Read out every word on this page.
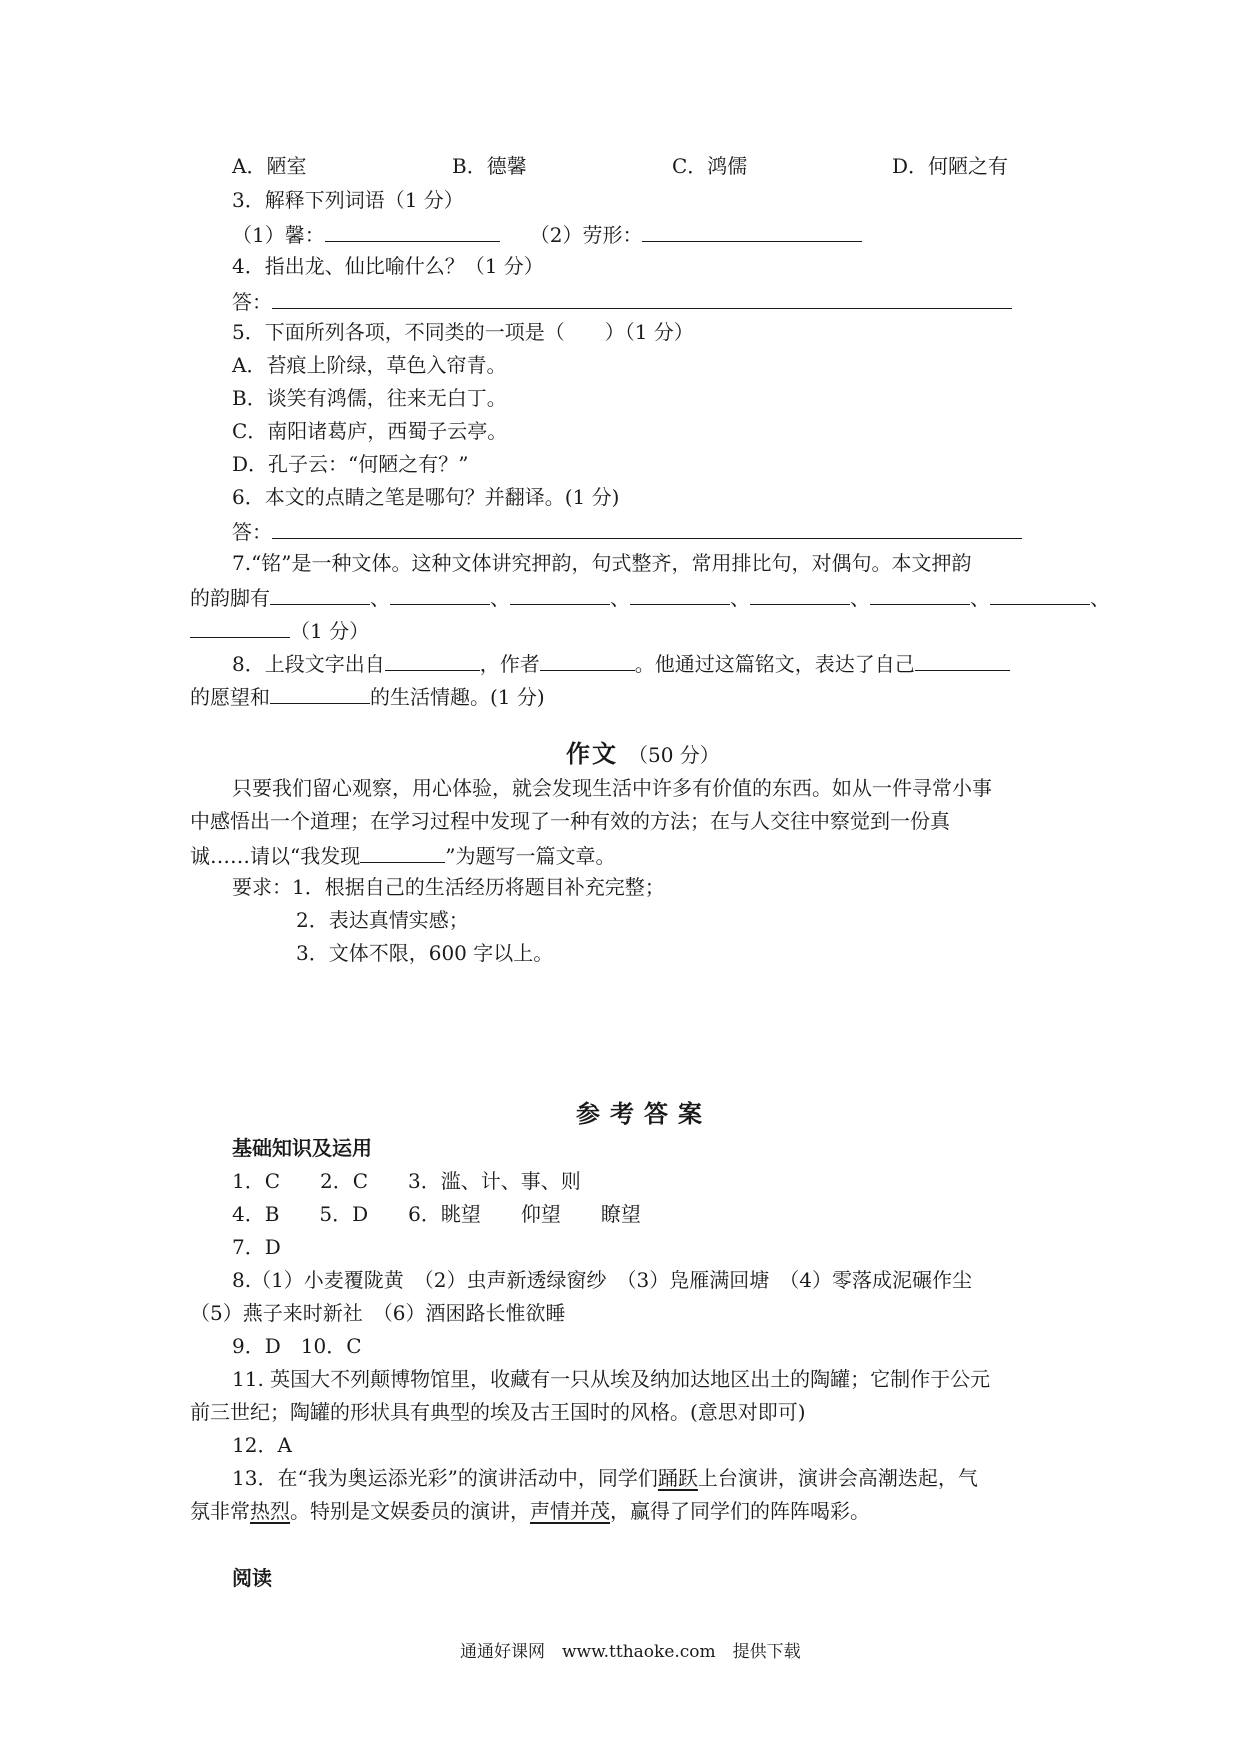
A．陋室	B．德馨	C．鸿儒	D．何陋之有
3．解释下列词语（1 分）
（1）馨：	（2）劳形：
4．指出龙、仙比喻什么？（1 分）
答：
5．下面所列各项，不同类的一项是（　　）（1 分）
A．苔痕上阶绿，草色入帘青。
B．谈笑有鸿儒，往来无白丁。
C．南阳诸葛庐，西蜀子云亭。
D．孔子云：“何陋之有？”
6．本文的点睛之笔是哪句？并翻译。(1 分)
答：
7.“铭”是一种文体。这种文体讲究押韵，句式整齐，常用排比句，对偶句。本文押韵
的韵脚有	、	、	、	、	、	、	、
（1 分）
8．上段文字出自	，作者	。他通过这篇铭文，表达了自己
的愿望和	的生活情趣。(1 分)
作文　（50 分）
只要我们留心观察，用心体验，就会发现生活中许多有价值的东西。如从一件寻常小事
中感悟出一个道理；在学习过程中发现了一种有效的方法；在与人交往中察觉到一份真
诚……请以“我发现	”为题写一篇文章。
要求：1．根据自己的生活经历将题目补充完整；
2．表达真情实感；
3．文体不限，600 字以上。
参考答案
基础知识及运用
1．C　　2．C　　3．滥、计、事、则
4．B　　5．D　　6．眺望　　仰望　　瞭望
7．D
8.（1）小麦覆陇黄　（2）虫声新透绿窗纱　（3）凫雁满回塘　（4）零落成泥碾作尘
（5）燕子来时新社　（6）酒困路长惟欲睡
9．D　10．C
11. 英国大不列颠博物馆里，收藏有一只从埃及纳加达地区出土的陶罐；它制作于公元
前三世纪；陶罐的形状具有典型的埃及古王国时的风格。(意思对即可)
12．A
13．在“我为奥运添光彩”的演讲活动中，同学们踊跃上台演讲，演讲会高潮迭起，气
氛非常热烈。特别是文娱委员的演讲，声情并茂，赢得了同学们的阵阵喝彩。
阅读
通通好课网　www.tthaoke.com　提供下载
